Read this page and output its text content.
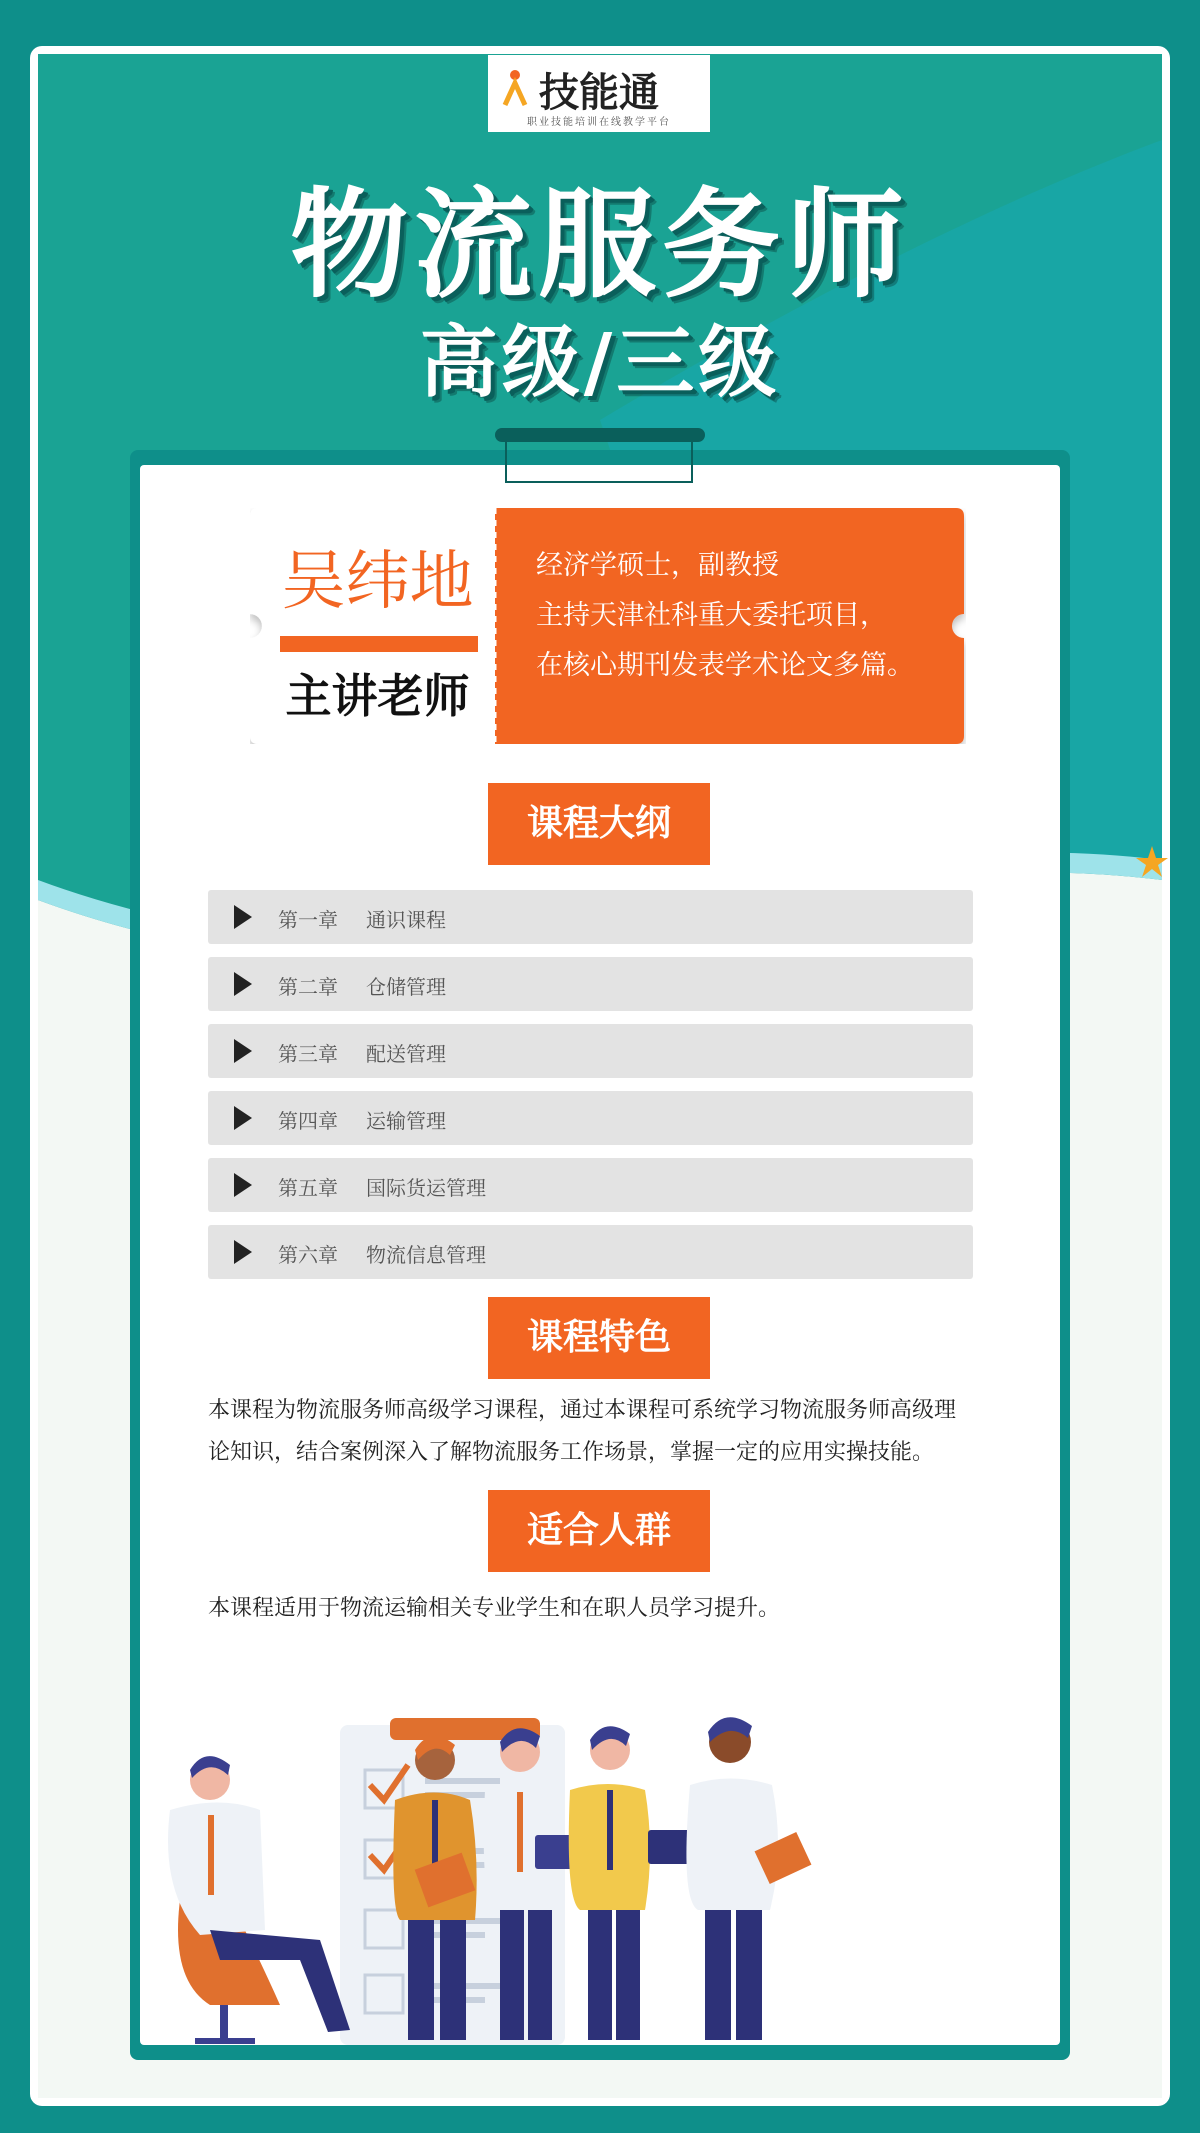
技能通
职业技能培训在线教学平台
物流服务师
高级/三级
吴纬地
主讲老师
经济学硕士，副教授
主持天津社科重大委托项目，
在核心期刊发表学术论文多篇。
课程大纲
第一章 通识课程
第二章 仓储管理
第三章 配送管理
第四章 运输管理
第五章 国际货运管理
第六章 物流信息管理
课程特色
本课程为物流服务师高级学习课程，通过本课程可系统学习物流服务师高级理
论知识，结合案例深入了解物流服务工作场景，掌握一定的应用实操技能。
适合人群
本课程适用于物流运输相关专业学生和在职人员学习提升。
